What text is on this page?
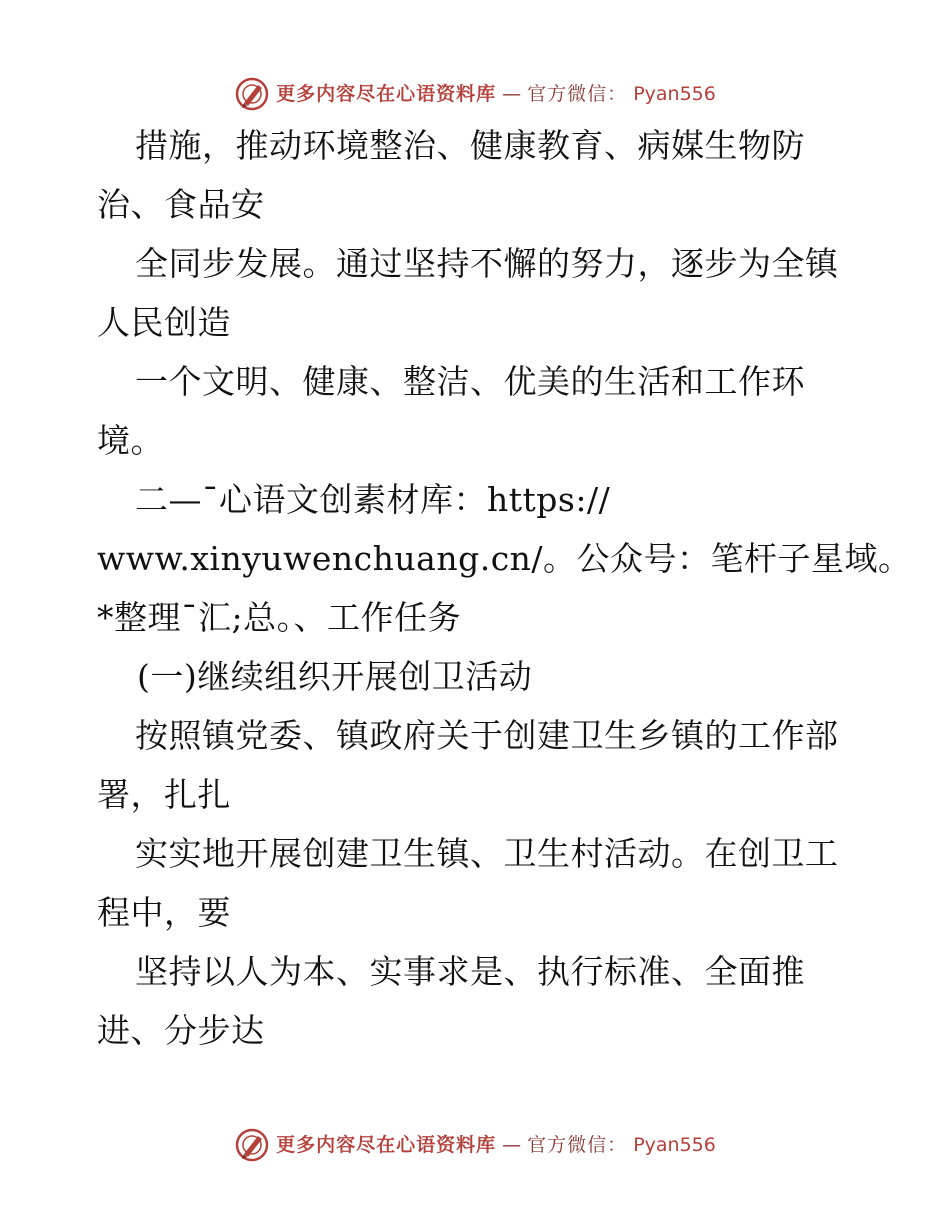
更多内容尽在心语资料库 — 官方微信： Pyan556
措施，推动环境整治、健康教育、病媒生物防
治、食品安
全同步发展。通过坚持不懈的努力，逐步为全镇
人民创造
一个文明、健康、整洁、优美的生活和工作环
境。
二—¯心语文创素材库：https://
www.xinyuwenchuang.cn/。公众号：笔杆子星域。
*整理¯汇;总。、工作任务
(一)继续组织开展创卫活动
按照镇党委、镇政府关于创建卫生乡镇的工作部
署，扎扎
实实地开展创建卫生镇、卫生村活动。在创卫工
程中，要
坚持以人为本、实事求是、执行标准、全面推
进、分步达
更多内容尽在心语资料库 — 官方微信： Pyan556
